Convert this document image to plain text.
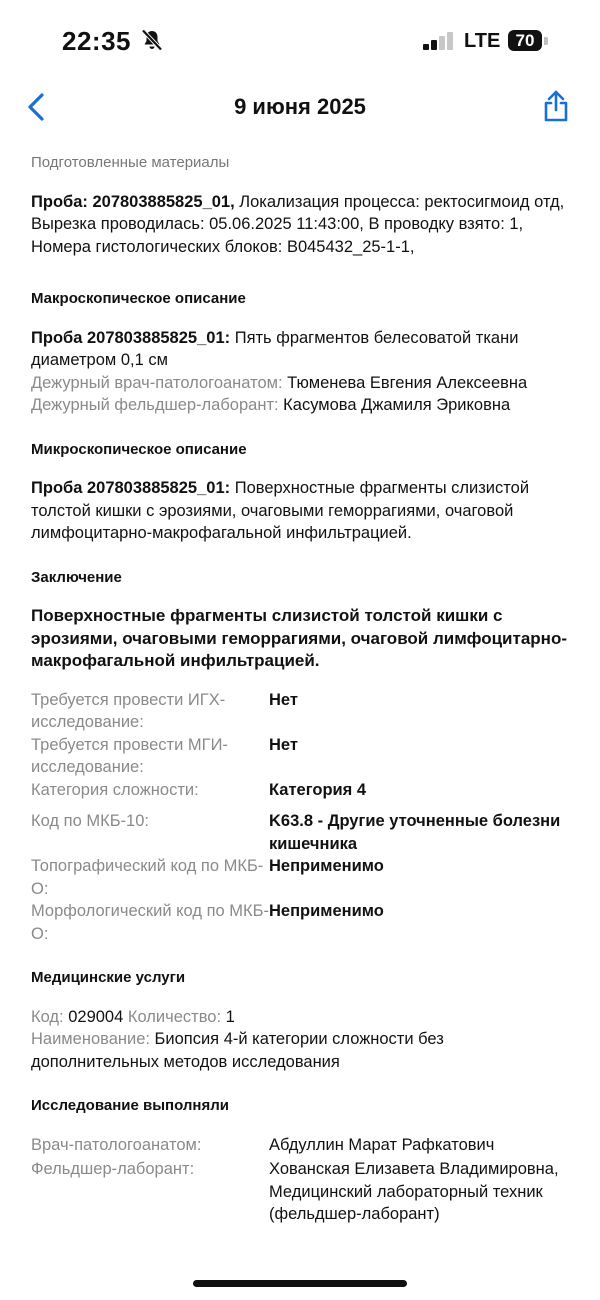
22:35	LTE 70
9 июня 2025
Подготовленные материалы
Проба: 207803885825_01, Локализация процесса: ректосигмоид отд, Вырезка проводилась: 05.06.2025 11:43:00, В проводку взято: 1, Номера гистологических блоков: B045432_25-1-1,
Макроскопическое описание
Проба 207803885825_01: Пять фрагментов белесоватой ткани диаметром 0,1 см
Дежурный врач-патологоанатом: Тюменева Евгения Алексеевна
Дежурный фельдшер-лаборант: Касумова Джамиля Эриковна
Микроскопическое описание
Проба 207803885825_01: Поверхностные фрагменты слизистой толстой кишки с эрозиями, очаговыми геморрагиями, очаговой лимфоцитарно-макрофагальной инфильтрацией.
Заключение
Поверхностные фрагменты слизистой толстой кишки с эрозиями, очаговыми геморрагиями, очаговой лимфоцитарно-макрофагальной инфильтрацией.
Требуется провести ИГХ-исследование:
Нет
Требуется провести МГИ-исследование:
Нет
Категория сложности:	Категория 4
Код по МКБ-10:	K63.8 - Другие уточненные болезни кишечника
Топографический код по МКБ-О:
Неприменимо
Морфологический код по МКБ-О:
Неприменимо
Медицинские услуги
Код: 029004 Количество: 1
Наименование: Биопсия 4-й категории сложности без дополнительных методов исследования
Исследование выполняли
Врач-патологоанатом:	Абдуллин Марат Рафкатович
Фельдшер-лаборант:	Хованская Елизавета Владимировна, Медицинский лабораторный техник (фельдшер-лаборант)
